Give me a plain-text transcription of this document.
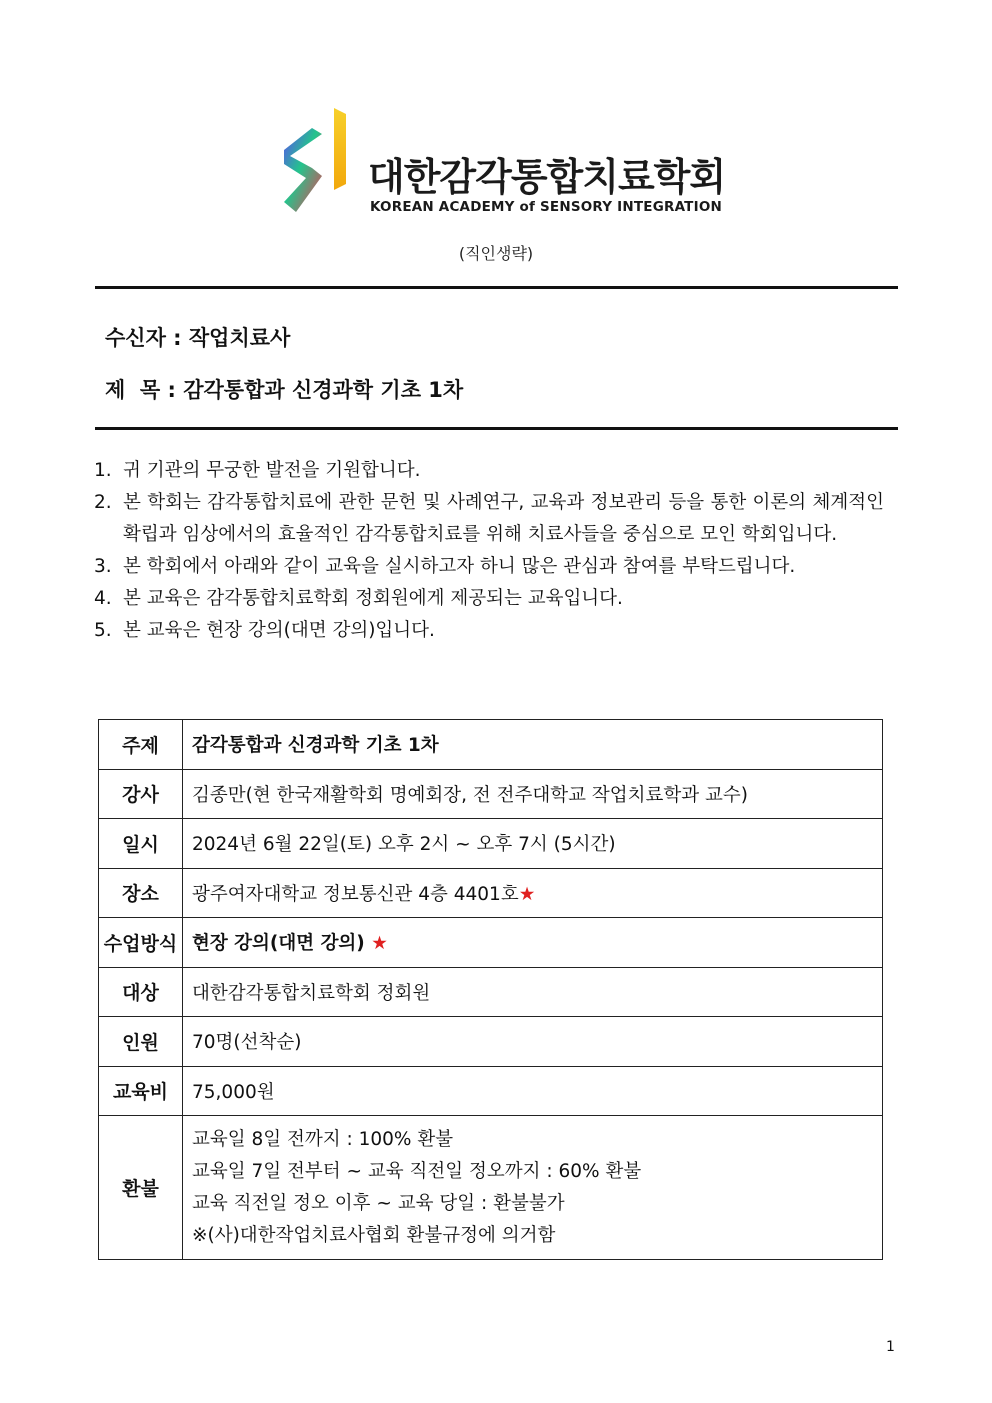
대한감각통합치료학회
KOREAN ACADEMY of SENSORY INTEGRATION
(직인생략)
수신자 : 작업치료사
제  목 : 감각통합과 신경과학 기초 1차
1. 귀 기관의 무궁한 발전을 기원합니다.
2. 본 학회는 감각통합치료에 관한 문헌 및 사례연구, 교육과 정보관리 등을 통한 이론의 체계적인 확립과 임상에서의 효율적인 감각통합치료를 위해 치료사들을 중심으로 모인 학회입니다.
3. 본 학회에서 아래와 같이 교육을 실시하고자 하니 많은 관심과 참여를 부탁드립니다.
4. 본 교육은 감각통합치료학회 정회원에게 제공되는 교육입니다.
5. 본 교육은 현장 강의(대면 강의)입니다.
주제	감각통합과 신경과학 기초 1차
강사	김종만(현 한국재활학회 명예회장, 전 전주대학교 작업치료학과 교수)
일시	2024년 6월 22일(토) 오후 2시 ~ 오후 7시 (5시간)
장소	광주여자대학교 정보통신관 4층 4401호★
수업방식	현장 강의(대면 강의) ★
대상	대한감각통합치료학회 정회원
인원	70명(선착순)
교육비	75,000원
환불	교육일 8일 전까지 : 100% 환불
교육일 7일 전부터 ~ 교육 직전일 정오까지 : 60% 환불
교육 직전일 정오 이후 ~ 교육 당일 : 환불불가
※(사)대한작업치료사협회 환불규정에 의거함
1
